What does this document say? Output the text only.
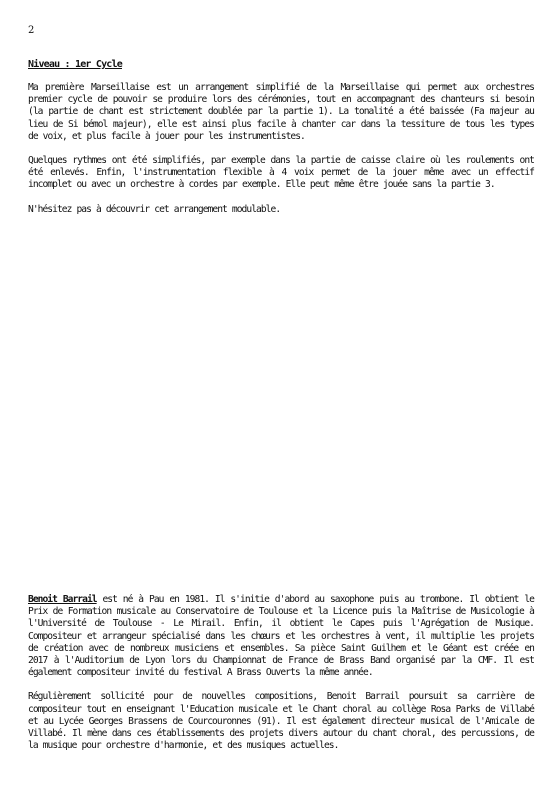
2
Niveau : 1er Cycle

Ma première Marseillaise est un arrangement simplifié de la Marseillaise qui permet aux orchestres premier cycle de pouvoir se produire lors des cérémonies, tout en accompagnant des chanteurs si besoin (la partie de chant est strictement doublée par la partie 1). La tonalité a été baissée (Fa majeur au lieu de Si bémol majeur), elle est ainsi plus facile à chanter car dans la tessiture de tous les types de voix, et plus facile à jouer pour les instrumentistes.

Quelques rythmes ont été simplifiés, par exemple dans la partie de caisse claire où les roulements ont été enlevés. Enfin, l'instrumentation flexible à 4 voix permet de la jouer même avec un effectif incomplet ou avec un orchestre à cordes par exemple. Elle peut même être jouée sans la partie 3.

N'hésitez pas à découvrir cet arrangement modulable.

Benoit Barrail est né à Pau en 1981. Il s'initie d'abord au saxophone puis au trombone. Il obtient le Prix de Formation musicale au Conservatoire de Toulouse et la Licence puis la Maîtrise de Musicologie à l'Université de Toulouse - Le Mirail. Enfin, il obtient le Capes puis l'Agrégation de Musique. Compositeur et arrangeur spécialisé dans les chœurs et les orchestres à vent, il multiplie les projets de création avec de nombreux musiciens et ensembles. Sa pièce Saint Guilhem et le Géant est créée en 2017 à l'Auditorium de Lyon lors du Championnat de France de Brass Band organisé par la CMF. Il est également compositeur invité du festival A Brass Ouverts la même année.

Régulièrement sollicité pour de nouvelles compositions, Benoit Barrail poursuit sa carrière de compositeur tout en enseignant l'Education musicale et le Chant choral au collège Rosa Parks de Villabé et au Lycée Georges Brassens de Courcouronnes (91). Il est également directeur musical de l'Amicale de Villabé. Il mène dans ces établissements des projets divers autour du chant choral, des percussions, de la musique pour orchestre d'harmonie, et des musiques actuelles.
